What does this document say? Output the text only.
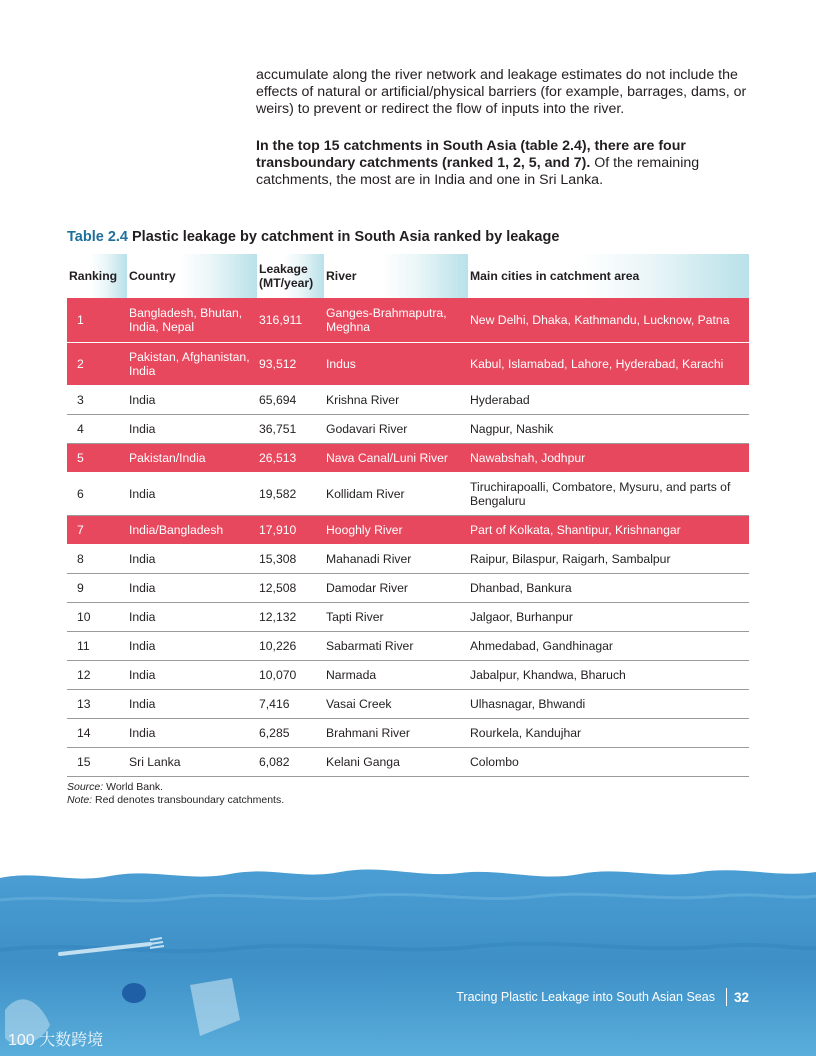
accumulate along the river network and leakage estimates do not include the effects of natural or artificial/physical barriers (for example, barrages, dams, or weirs) to prevent or redirect the flow of inputs into the river.

In the top 15 catchments in South Asia (table 2.4), there are four transboundary catchments (ranked 1, 2, 5, and 7). Of the remaining catchments, the most are in India and one in Sri Lanka.

Table 2.4 Plastic leakage by catchment in South Asia ranked by leakage
Ranking	Country	Leakage (MT/year)	River	Main cities in catchment area
1	Bangladesh, Bhutan, India, Nepal	316,911	Ganges-Brahmaputra, Meghna	New Delhi, Dhaka, Kathmandu, Lucknow, Patna
2	Pakistan, Afghanistan, India	93,512	Indus	Kabul, Islamabad, Lahore, Hyderabad, Karachi
3	India	65,694	Krishna River	Hyderabad
4	India	36,751	Godavari River	Nagpur, Nashik
5	Pakistan/India	26,513	Nava Canal/Luni River	Nawabshah, Jodhpur
6	India	19,582	Kollidam River	Tiruchirapoalli, Combatore, Mysuru, and parts of Bengaluru
7	India/Bangladesh	17,910	Hooghly River	Part of Kolkata, Shantipur, Krishnangar
8	India	15,308	Mahanadi River	Raipur, Bilaspur, Raigarh, Sambalpur
9	India	12,508	Damodar River	Dhanbad, Bankura
10	India	12,132	Tapti River	Jalgaor, Burhanpur
11	India	10,226	Sabarmati River	Ahmedabad, Gandhinagar
12	India	10,070	Narmada	Jabalpur, Khandwa, Bharuch
13	India	7,416	Vasai Creek	Ulhasnagar, Bhwandi
14	India	6,285	Brahmani River	Rourkela, Kandujhar
15	Sri Lanka	6,082	Kelani Ganga	Colombo
Source: World Bank.
Note: Red denotes transboundary catchments.
Tracing Plastic Leakage into South Asian Seas 32
100 大数跨境
